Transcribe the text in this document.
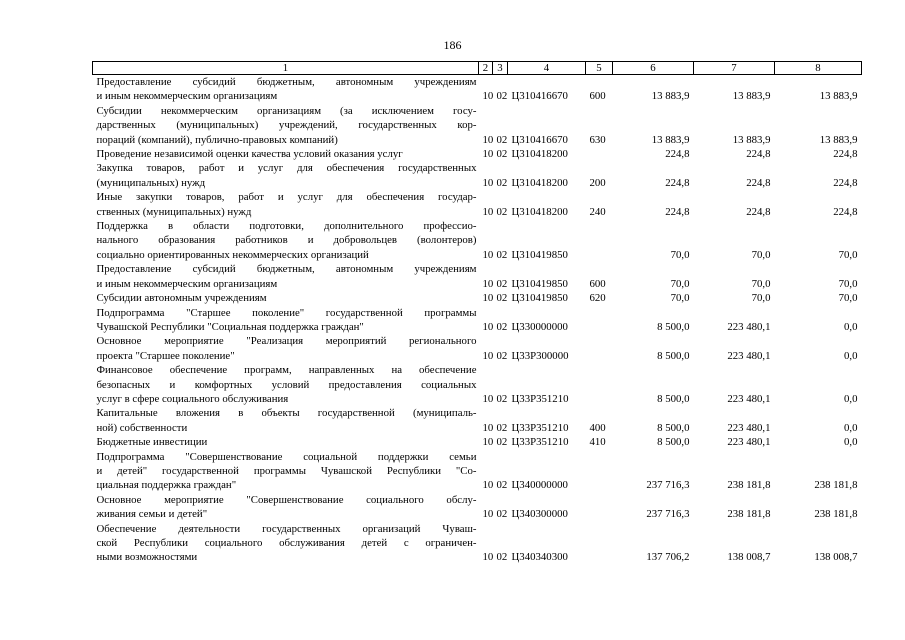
186
1	2	3	4	5	6	7	8

Предоставление субсидий бюджетным, автономным учреждениям
и иным некоммерческим организациям	10	02	Ц310416670	600	13 883,9	13 883,9	13 883,9

Субсидии некоммерческим организациям (за исключением госу-
дарственных (муниципальных) учреждений, государственных кор-
пораций (компаний), публично-правовых компаний)	10	02	Ц310416670	630	13 883,9	13 883,9	13 883,9

Проведение независимой оценки качества условий оказания услуг	10	02	Ц310418200		224,8	224,8	224,8

Закупка товаров, работ и услуг для обеспечения государственных
(муниципальных) нужд	10	02	Ц310418200	200	224,8	224,8	224,8

Иные закупки товаров, работ и услуг для обеспечения государ-
ственных (муниципальных) нужд	10	02	Ц310418200	240	224,8	224,8	224,8

Поддержка в области подготовки, дополнительного профессио-
нального образования работников и добровольцев (волонтеров)
социально ориентированных некоммерческих организаций	10	02	Ц310419850		70,0	70,0	70,0

Предоставление субсидий бюджетным, автономным учреждениям
и иным некоммерческим организациям	10	02	Ц310419850	600	70,0	70,0	70,0

Субсидии автономным учреждениям	10	02	Ц310419850	620	70,0	70,0	70,0

Подпрограмма "Старшее поколение" государственной программы
Чувашской Республики "Социальная поддержка граждан"	10	02	Ц330000000		8 500,0	223 480,1	0,0

Основное мероприятие "Реализация мероприятий регионального
проекта "Старшее поколение"	10	02	Ц33P300000		8 500,0	223 480,1	0,0

Финансовое обеспечение программ, направленных на обеспечение
безопасных и комфортных условий предоставления социальных
услуг в сфере социального обслуживания	10	02	Ц33P351210		8 500,0	223 480,1	0,0

Капитальные вложения в объекты государственной (муниципаль-
ной) собственности	10	02	Ц33P351210	400	8 500,0	223 480,1	0,0

Бюджетные инвестиции	10	02	Ц33P351210	410	8 500,0	223 480,1	0,0

Подпрограмма "Совершенствование социальной поддержки семьи
и детей" государственной программы Чувашской Республики "Со-
циальная поддержка граждан"	10	02	Ц340000000		237 716,3	238 181,8	238 181,8

Основное мероприятие "Совершенствование социального обслу-
живания семьи и детей"	10	02	Ц340300000		237 716,3	238 181,8	238 181,8

Обеспечение деятельности государственных организаций Чуваш-
ской Республики социального обслуживания детей с ограничен-
ными возможностями	10	02	Ц340340300		137 706,2	138 008,7	138 008,7
